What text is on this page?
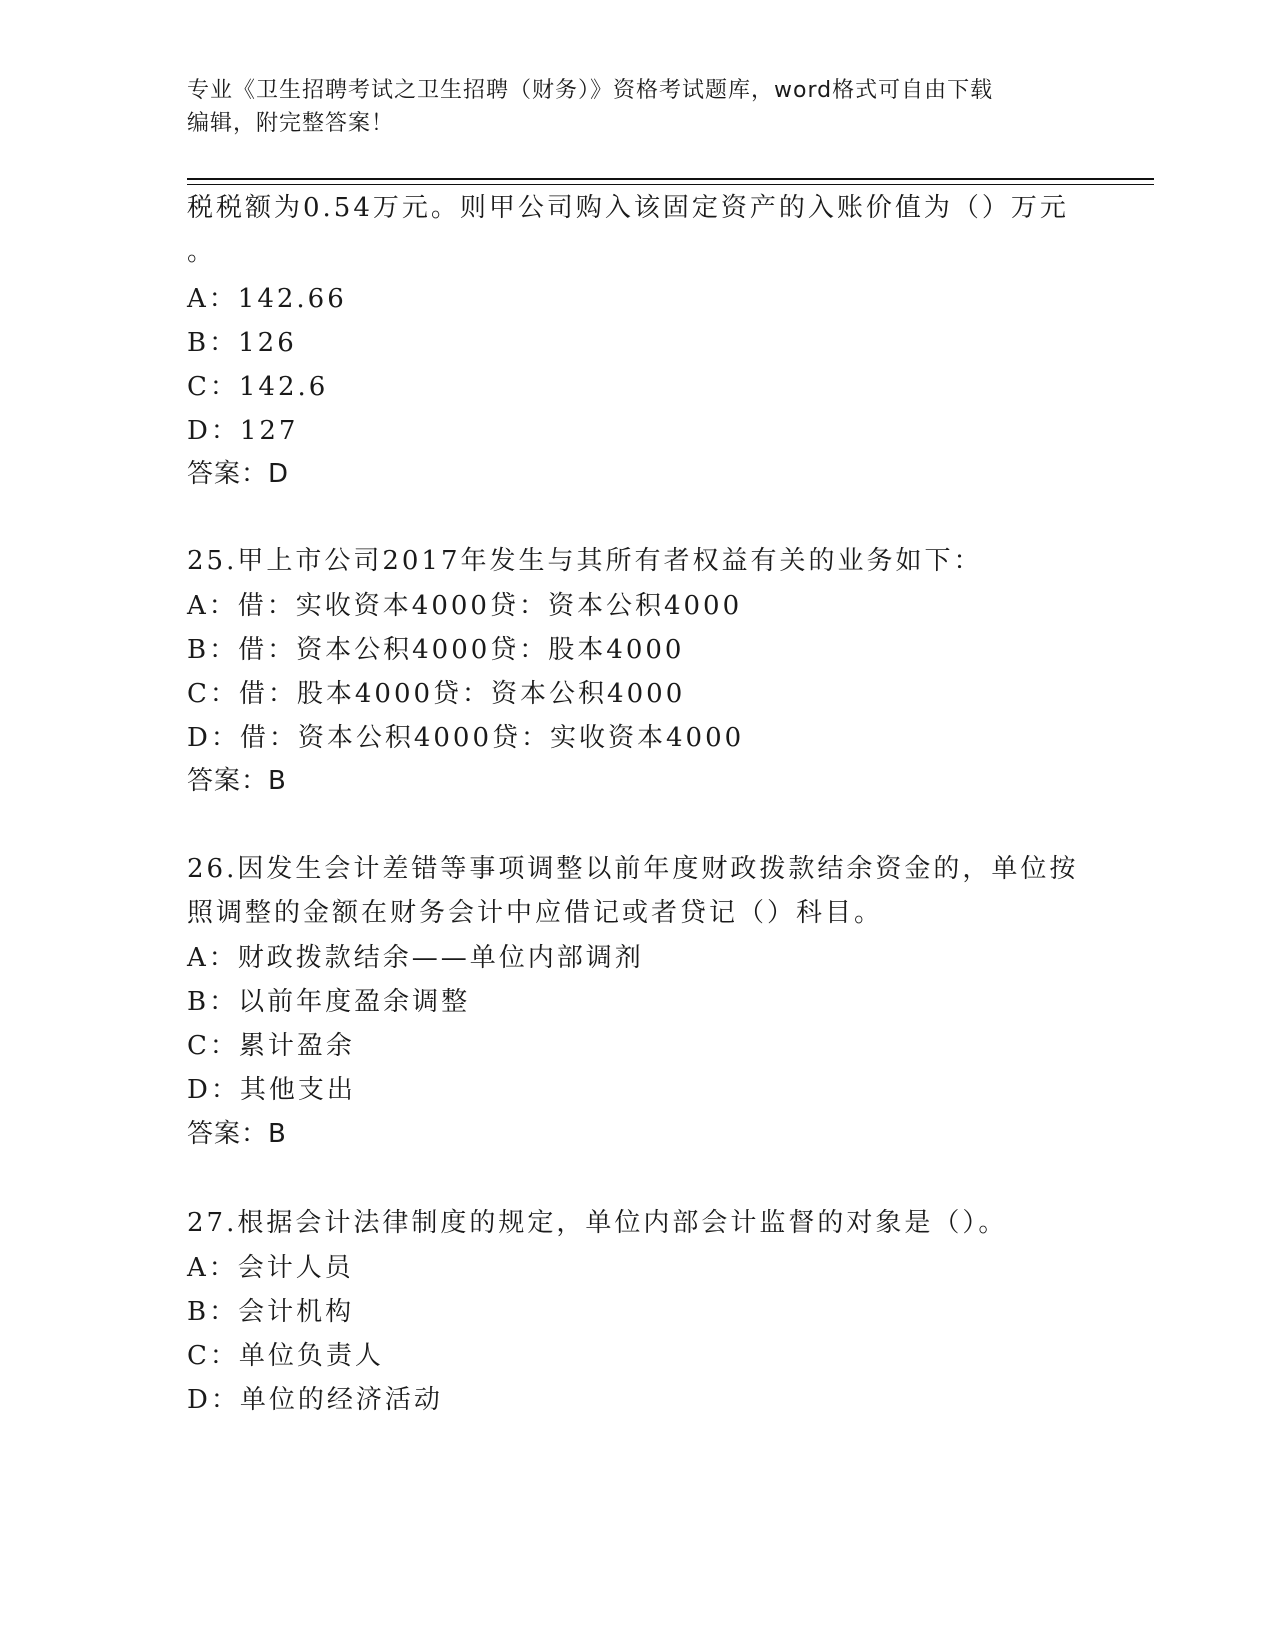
专业《卫生招聘考试之卫生招聘（财务）》资格考试题库，word格式可自由下载
编辑，附完整答案！
税税额为0.54万元。则甲公司购入该固定资产的入账价值为（）万元
。
A：142.66
B：126
C：142.6
D：127
答案：D
25.甲上市公司2017年发生与其所有者权益有关的业务如下：
A：借：实收资本4000贷：资本公积4000
B：借：资本公积4000贷：股本4000
C：借：股本4000贷：资本公积4000
D：借：资本公积4000贷：实收资本4000
答案：B
26.因发生会计差错等事项调整以前年度财政拨款结余资金的，单位按
照调整的金额在财务会计中应借记或者贷记（）科目。
A：财政拨款结余——单位内部调剂
B：以前年度盈余调整
C：累计盈余
D：其他支出
答案：B
27.根据会计法律制度的规定，单位内部会计监督的对象是（）。
A：会计人员
B：会计机构
C：单位负责人
D：单位的经济活动
